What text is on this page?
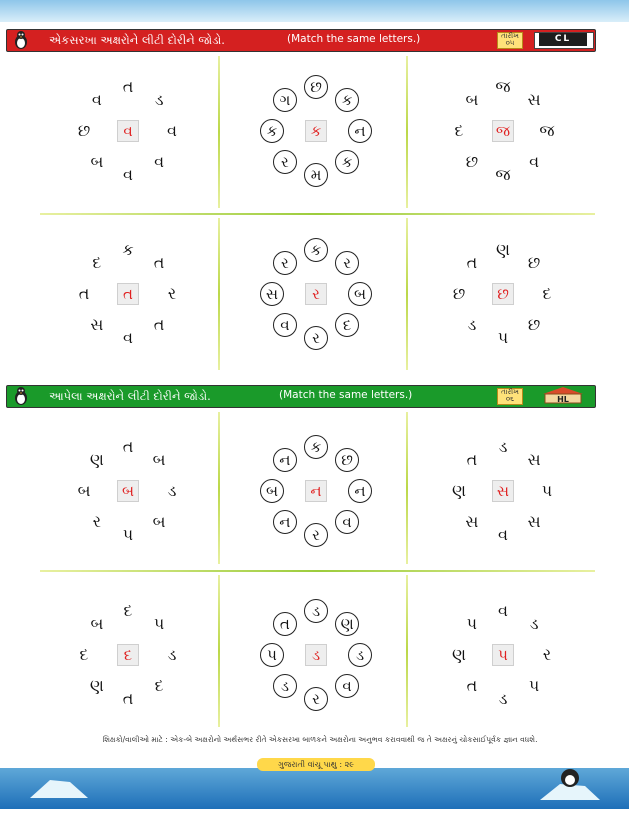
એકસરખા અક્ષરોને લીટી દોરીને જોડો.	(Match the same letters.)	તારીખ ૦૫	CL
આપેલા અક્ષરોને લીટી દોરીને જોડો.	(Match the same letters.)	તારીખ ૦૬	HL
વ
ત
ડ
વ
વ
વ
બ
છ
વ
ક
છ
ક
ન
ક
મ
ર
ક
ગ
જ
જ
સ
જ
વ
જ
છ
દ
બ
ત
ક
ત
ર
ત
વ
સ
ત
દ
ર
ક
ર
બ
દ
ર
વ
સ
ર
છ
ણ
છ
દ
છ
પ
ડ
છ
ત
બ
ત
બ
ડ
બ
પ
ર
બ
ણ
ન
ક
છ
ન
વ
ર
ન
બ
ન
સ
ડ
સ
પ
સ
વ
સ
ણ
ત
દ
દ
પ
ડ
દ
ત
ણ
દ
બ
ડ
ડ
ણ
ડ
વ
ર
ડ
પ
ત
પ
વ
ડ
ર
પ
ડ
ત
ણ
પ
શિક્ષકો/વાલીઓ માટે : એક-બે અક્ષરોનો અર્થસભર રીતે એકસરખા બાળકને અક્ષરોના અનુભવ કરાવવાથી જ તે અક્ષરનું ચોકસાઈપૂર્વક જ્ઞાન વધશે.
ગુજરાતી વાંચૂ પાથુ : ૨૯
